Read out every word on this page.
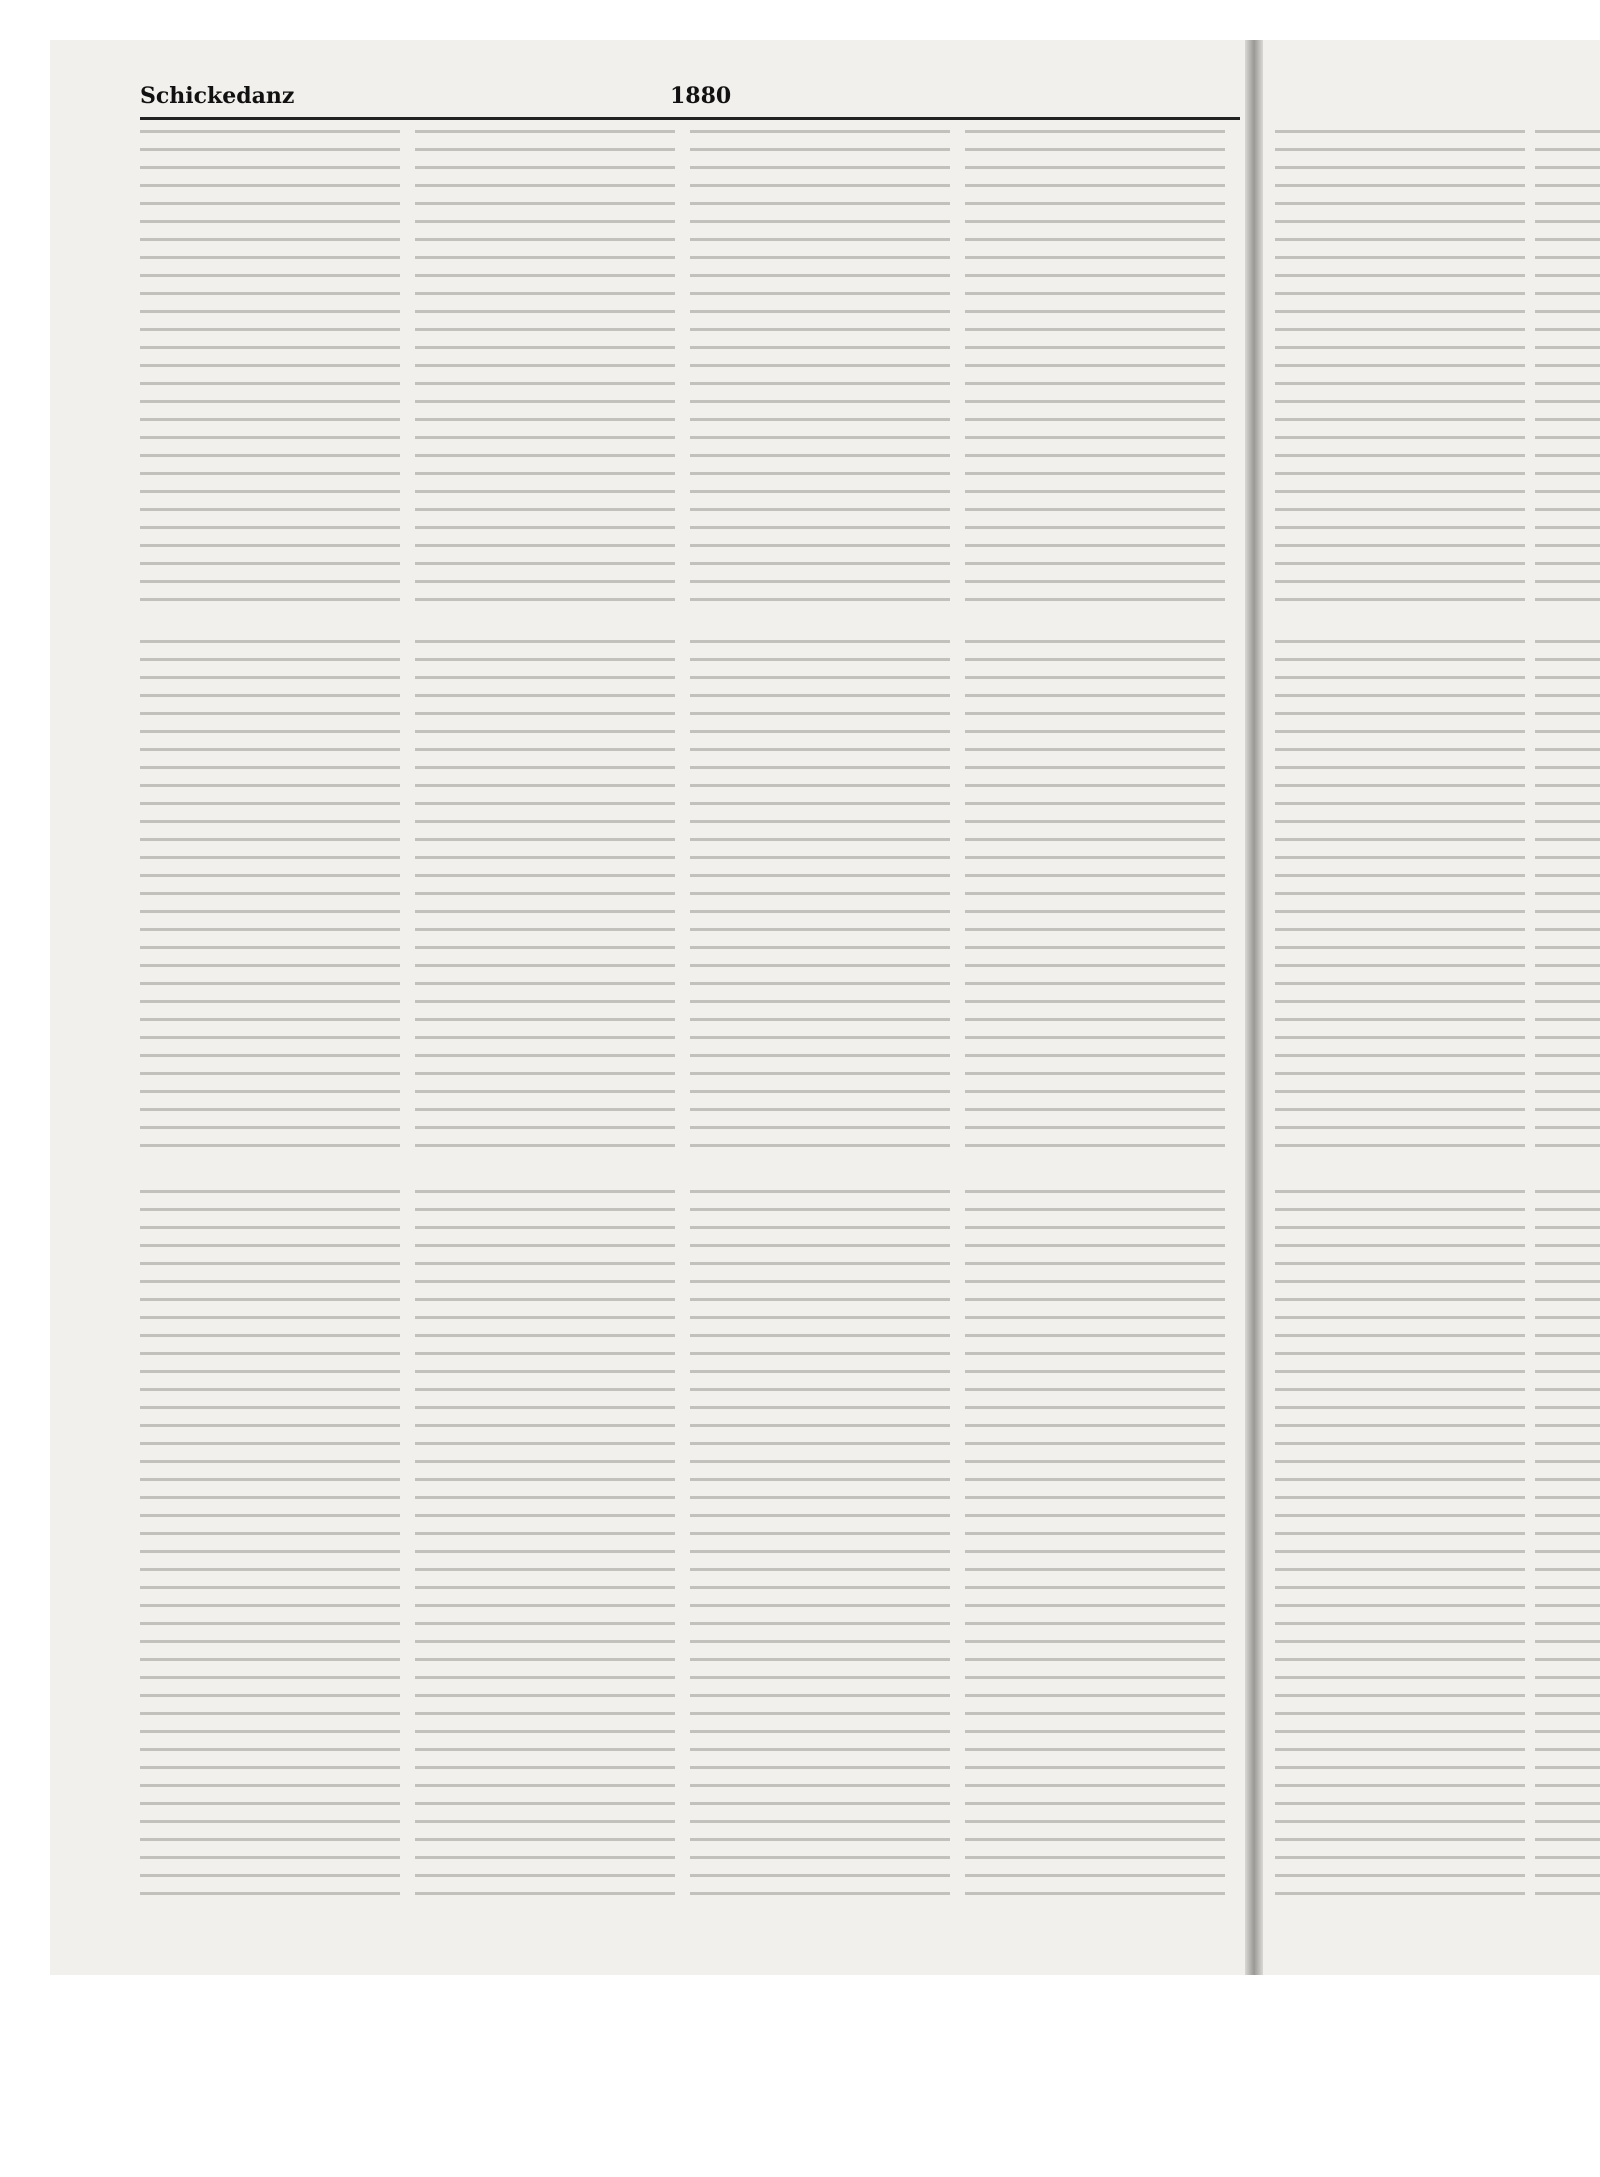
Schickedanz	1880
